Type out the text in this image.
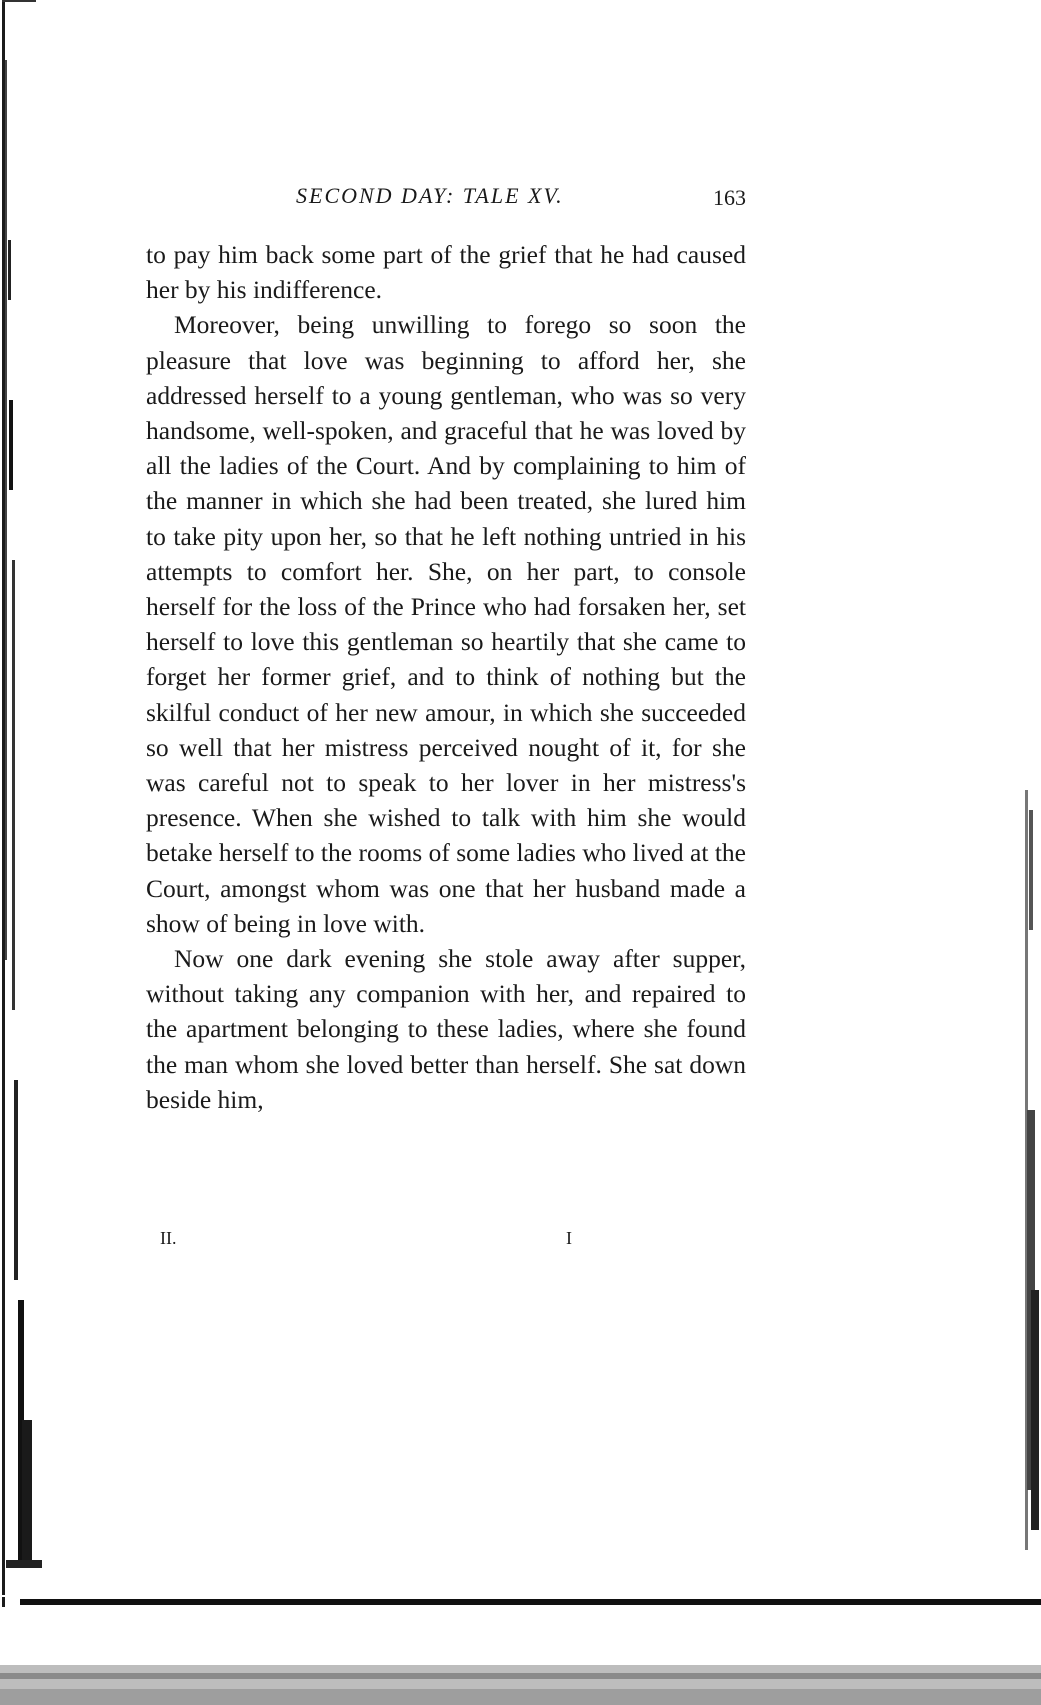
SECOND DAY: TALE XV.	163

to pay him back some part of the grief that he had caused her by his indifference.

Moreover, being unwilling to forego so soon the pleasure that love was beginning to afford her, she addressed herself to a young gentleman, who was so very handsome, well-spoken, and graceful that he was loved by all the ladies of the Court. And by complaining to him of the manner in which she had been treated, she lured him to take pity upon her, so that he left nothing untried in his attempts to comfort her. She, on her part, to console herself for the loss of the Prince who had forsaken her, set herself to love this gentleman so heartily that she came to forget her former grief, and to think of nothing but the skilful conduct of her new amour, in which she succeeded so well that her mistress perceived nought of it, for she was careful not to speak to her lover in her mistress's presence. When she wished to talk with him she would betake herself to the rooms of some ladies who lived at the Court, amongst whom was one that her husband made a show of being in love with.

Now one dark evening she stole away after supper, without taking any companion with her, and repaired to the apartment belonging to these ladies, where she found the man whom she loved better than herself. She sat down beside him,

II.	I
